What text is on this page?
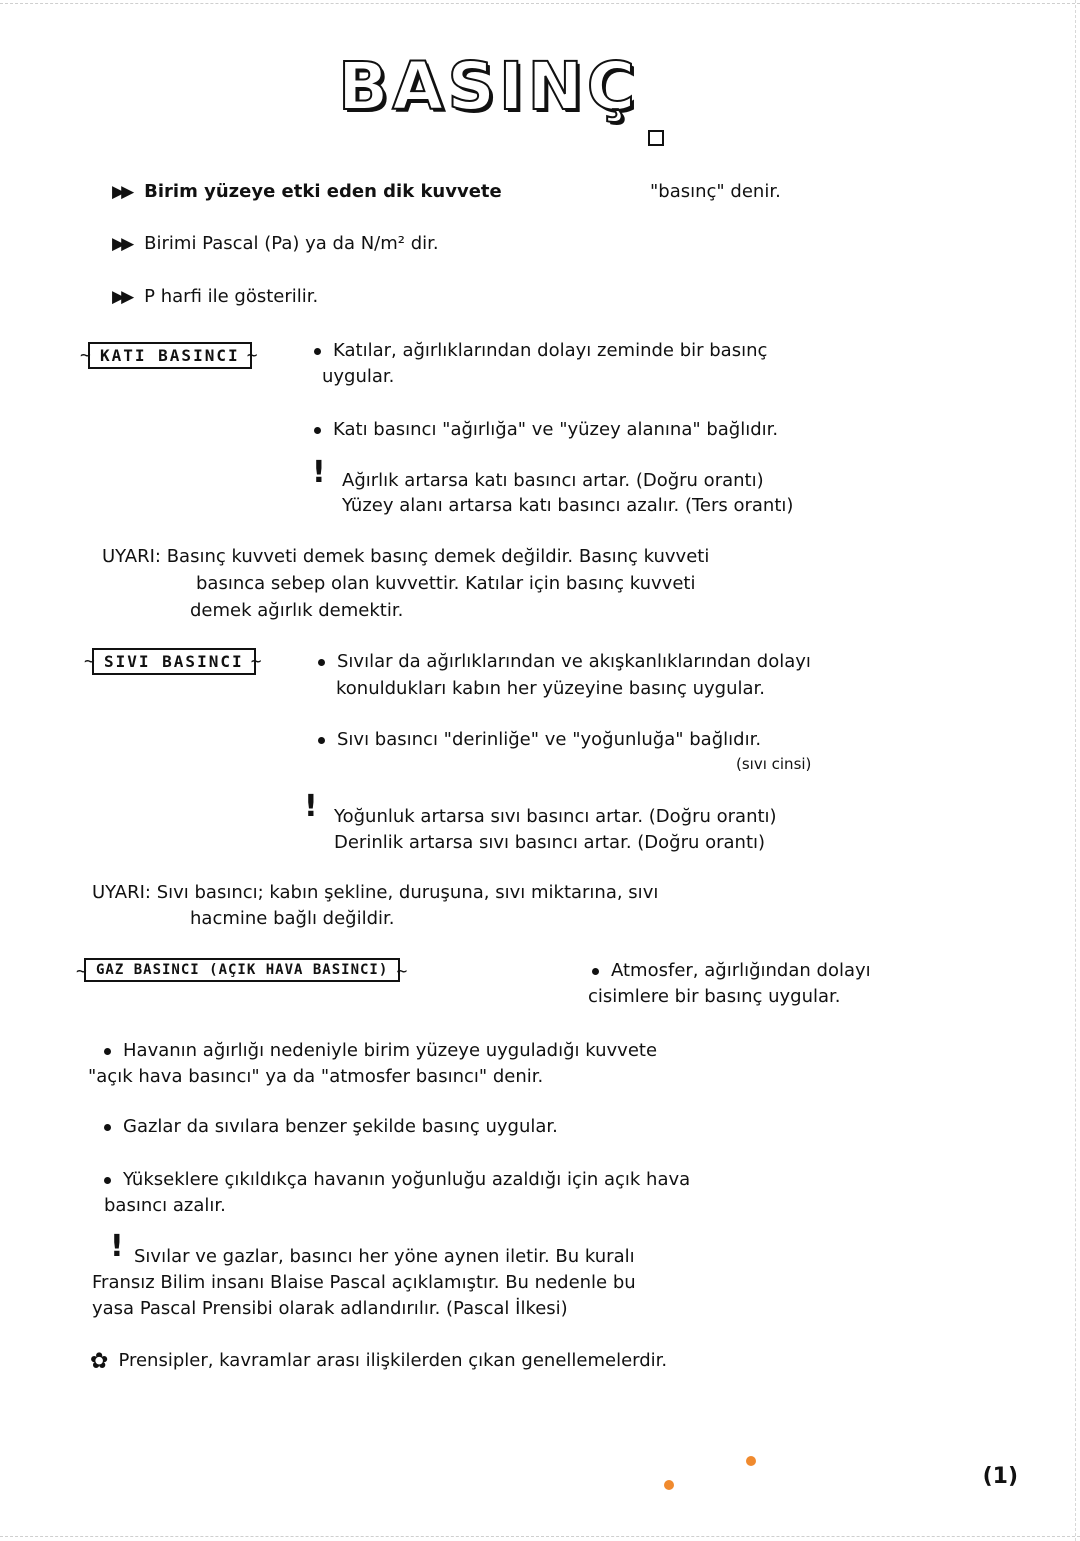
BASINÇ
▶▶ Birim yüzeye etki eden dik kuvvete	"basınç" denir.
▶▶ Birimi Pascal (Pa) ya da N/m² dir.
▶▶ P harfi ile gösterilir.
~ KATI BASINCI ~	Katılar, ağırlıklarından dolayı zeminde bir basınç
uygular.
Katı basıncı "ağırlığa" ve "yüzey alanına" bağlıdır.
! Ağırlık artarsa katı basıncı artar. (Doğru orantı)
Yüzey alanı artarsa katı basıncı azalır. (Ters orantı)
UYARI: Basınç kuvveti demek basınç demek değildir. Basınç kuvveti
basınca sebep olan kuvvettir. Katılar için basınç kuvveti
demek ağırlık demektir.
~ SIVI BASINCI ~	Sıvılar da ağırlıklarından ve akışkanlıklarından dolayı
konuldukları kabın her yüzeyine basınç uygular.
Sıvı basıncı "derinliğe" ve "yoğunluğa" bağlıdır.
(sıvı cinsi)
! Yoğunluk artarsa sıvı basıncı artar. (Doğru orantı)
Derinlik artarsa sıvı basıncı artar. (Doğru orantı)
UYARI: Sıvı basıncı; kabın şekline, duruşuna, sıvı miktarına, sıvı
hacmine bağlı değildir.
~ GAZ BASINCI (AÇIK HAVA BASINCI) ~	Atmosfer, ağırlığından dolayı
cisimlere bir basınç uygular.
Havanın ağırlığı nedeniyle birim yüzeye uyguladığı kuvvete
"açık hava basıncı" ya da "atmosfer basıncı" denir.
Gazlar da sıvılara benzer şekilde basınç uygular.
Yükseklere çıkıldıkça havanın yoğunluğu azaldığı için açık hava
basıncı azalır.
! Sıvılar ve gazlar, basıncı her yöne aynen iletir. Bu kuralı
Fransız Bilim insanı Blaise Pascal açıklamıştır. Bu nedenle bu
yasa Pascal Prensibi olarak adlandırılır. (Pascal İlkesi)
✿ Prensipler, kavramlar arası ilişkilerden çıkan genellemelerdir.
(1)
